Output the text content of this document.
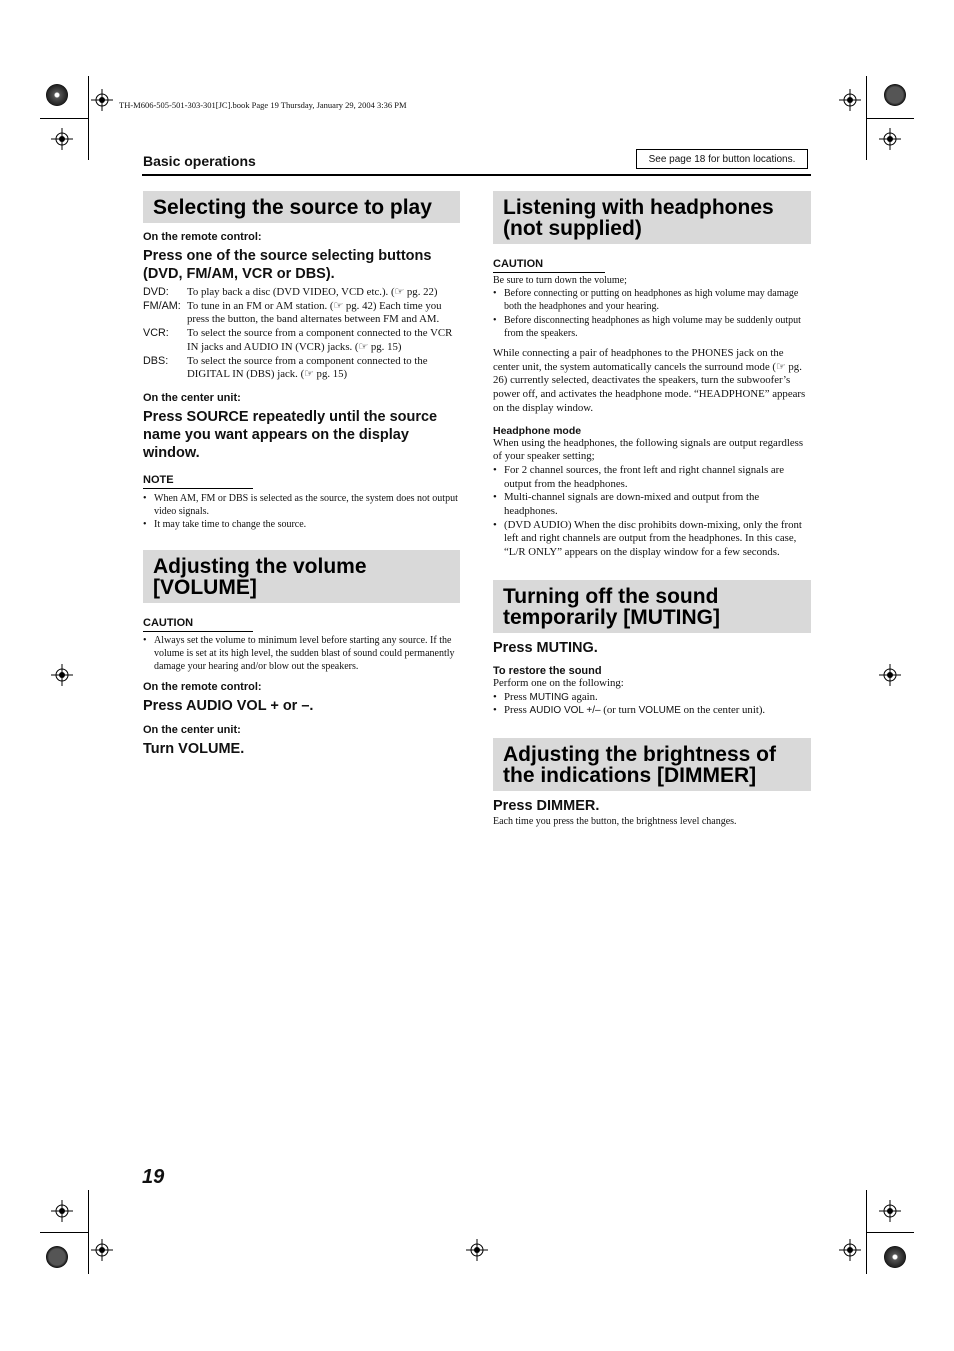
TH-M606-505-501-303-301[JC].book Page 19 Thursday, January 29, 2004 3:36 PM
Basic operations	See page 18 for button locations.
Selecting the source to play

On the remote control:

Press one of the source selecting buttons (DVD, FM/AM, VCR or DBS).

DVD:	To play back a disc (DVD VIDEO, VCD etc.). (☞ pg. 22)
FM/AM: To tune in an FM or AM station. (☞ pg. 42) Each time you press the button, the band alternates between FM and AM.
VCR:	To select the source from a component connected to the VCR IN jacks and AUDIO IN (VCR) jacks. (☞ pg. 15)
DBS:	To select the source from a component connected to the DIGITAL IN (DBS) jack. (☞ pg. 15)

On the center unit:

Press SOURCE repeatedly until the source name you want appears on the display window.

NOTE
• When AM, FM or DBS is selected as the source, the system does not output video signals.
• It may take time to change the source.
Adjusting the volume [VOLUME]
CAUTION
• Always set the volume to minimum level before starting any source. If the volume is set at its high level, the sudden blast of sound could permanently damage your hearing and/or blow out the speakers.

On the remote control:

Press AUDIO VOL + or –.

On the center unit:

Turn VOLUME.

Listening with headphones (not supplied)
CAUTION

Be sure to turn down the volume;

• Before connecting or putting on headphones as high volume may damage both the headphones and your hearing.
• Before disconnecting headphones as high volume may be suddenly output from the speakers.

While connecting a pair of headphones to the PHONES jack on the center unit, the system automatically cancels the surround mode (☞ pg. 26) currently selected, deactivates the speakers, turn the subwoofer’s power off, and activates the headphone mode. “HEADPHONE” appears on the display window.

Headphone mode

When using the headphones, the following signals are output regardless of your speaker setting;

• For 2 channel sources, the front left and right channel signals are output from the headphones.
• Multi-channel signals are down-mixed and output from the headphones.
• (DVD AUDIO) When the disc prohibits down-mixing, only the front left and right channels are output from the headphones. In this case, “L/R ONLY” appears on the display window for a few seconds.
Turning off the sound temporarily [MUTING]

Press MUTING.

To restore the sound

Perform one on the following:

• Press MUTING again.
• Press AUDIO VOL +/– (or turn VOLUME on the center unit).
Adjusting the brightness of the indications [DIMMER]

Press DIMMER.

Each time you press the button, the brightness level changes.

19
